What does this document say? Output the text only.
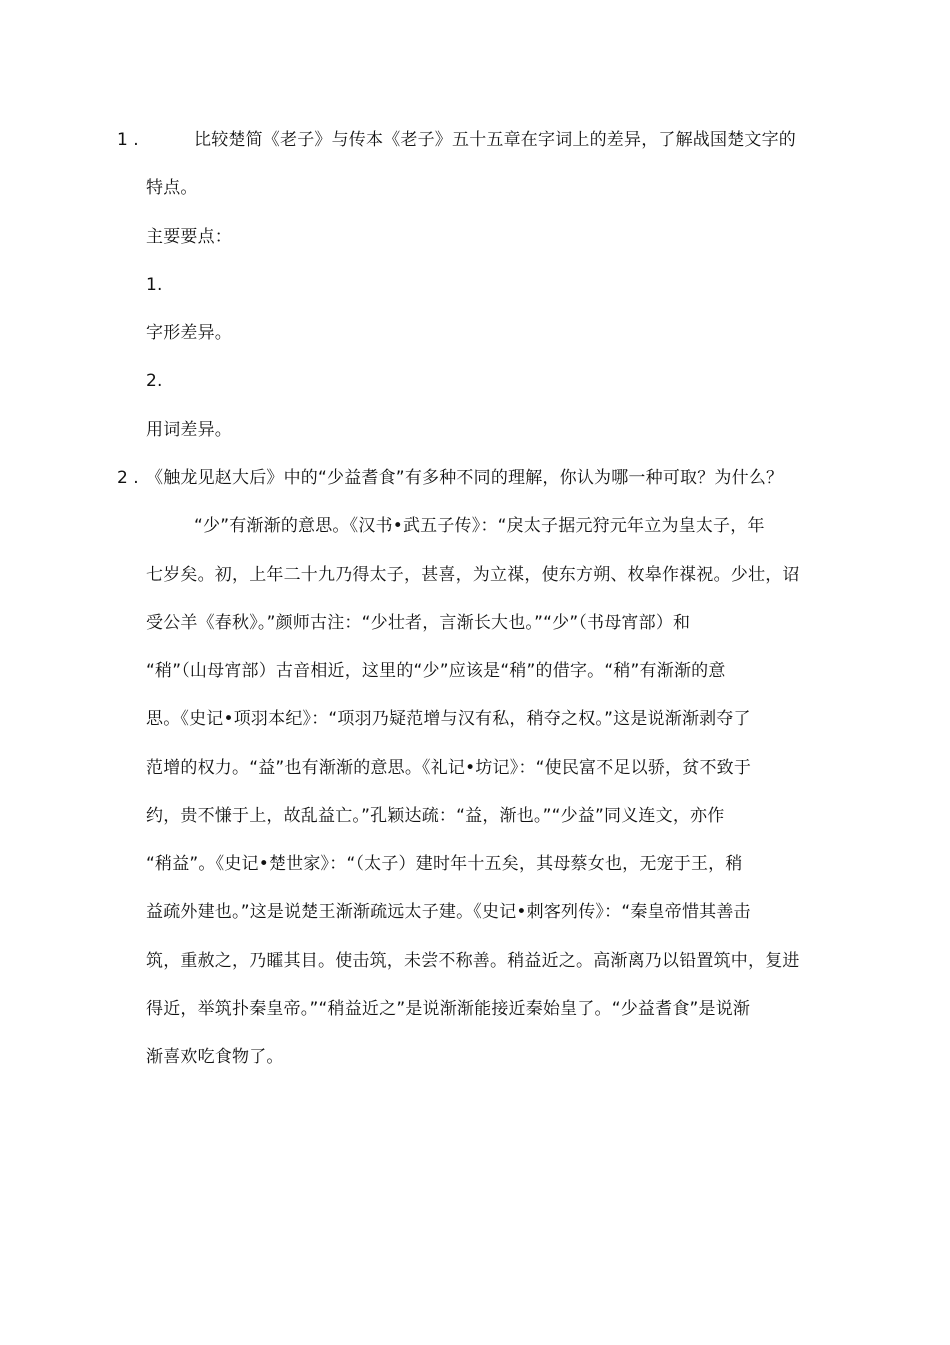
1 .	比较楚简《老子》与传本《老子》五十五章在字词上的差异，了解战国楚文字的
特点。
主要要点：
1.
字形差异。
2.
用词差异。
2 . 《触龙见赵大后》中的“少益耆食”有多种不同的理解，你认为哪一种可取？为什么？
“少”有渐渐的意思。《汉书•武五子传》：“戾太子据元狩元年立为皇太子，年
七岁矣。初，上年二十九乃得太子，甚喜，为立禖，使东方朔、枚皋作禖祝。少壮，诏
受公羊《春秋》。”颜师古注：“少壮者，言渐长大也。”“少”（书母宵部）和
“稍”（山母宵部）古音相近，这里的“少”应该是“稍”的借字。“稍”有渐渐的意
思。《史记•项羽本纪》：“项羽乃疑范增与汉有私，稍夺之权。”这是说渐渐剥夺了
范增的权力。“益”也有渐渐的意思。《礼记•坊记》：“使民富不足以骄，贫不致于
约，贵不慊于上，故乱益亡。”孔颖达疏：“益，渐也。”“少益”同义连文，亦作
“稍益”。《史记•楚世家》：“（太子）建时年十五矣，其母蔡女也，无宠于王，稍
益疏外建也。”这是说楚王渐渐疏远太子建。《史记•刺客列传》：“秦皇帝惜其善击
筑，重赦之，乃矐其目。使击筑，未尝不称善。稍益近之。高渐离乃以铅置筑中，复进
得近，举筑扑秦皇帝。”“稍益近之”是说渐渐能接近秦始皇了。“少益耆食”是说渐
渐喜欢吃食物了。
